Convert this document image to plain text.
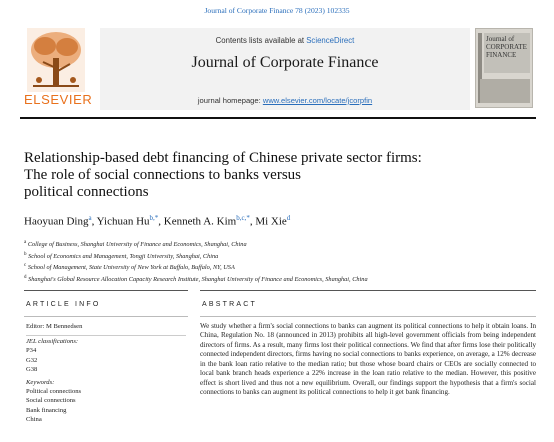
Journal of Corporate Finance 78 (2023) 102335
ELSEVIER
Contents lists available at ScienceDirect
Journal of Corporate Finance
journal homepage: www.elsevier.com/locate/jcorpfin
Journal of
CORPORATE
FINANCE
Relationship-based debt financing of Chinese private sector firms:
The role of social connections to banks versus
political connections
Haoyuan Ding$^a$, Yichuan $Hu^{b,*}$, Kenneth A. Kim$^{b,c,*}$, Mi Xie$^d$
$^a$ College of Business, Shanghai University of Finance and Economics, Shanghai, China
$^b$ School of Economics and Management, Tongji University, Shanghai, China
$^c$ School of Management, State University of New York at Buffalo, Buffalo, NY, USA
$^d$ Shanghai's Global Resource Allocation Capacity Research Institute, Shanghai University of Finance and Economics, Shanghai, China
ARTICLE INFO	ABSTRACT
Editor: M Bennedsen
JEL classifications:
P34
G32
G38
Keywords:
Political connections
Social connections
Bank financing
China
We study whether a firm's social connections to banks can augment its political connections to help it obtain loans. In China, Regulation No. 18 (announced in 2013) prohibits all high-level government officials from being independent directors of firms. As a result, many firms lost their political connections. We find that after firms lose their politically connected independent directors, firms having no social connections to banks experience, on average, a 12% decrease in the bank loan ratio relative to the median ratio; but those whose board chairs or CEOs are socially connected to local bank branch heads experience a 22% increase in the loan ratio relative to the median. However, this positive effect is short lived and thus not a new equilibrium. Overall, our findings support the hypothesis that a firm's social connections to banks can augment its political connections to help it get bank financing.
